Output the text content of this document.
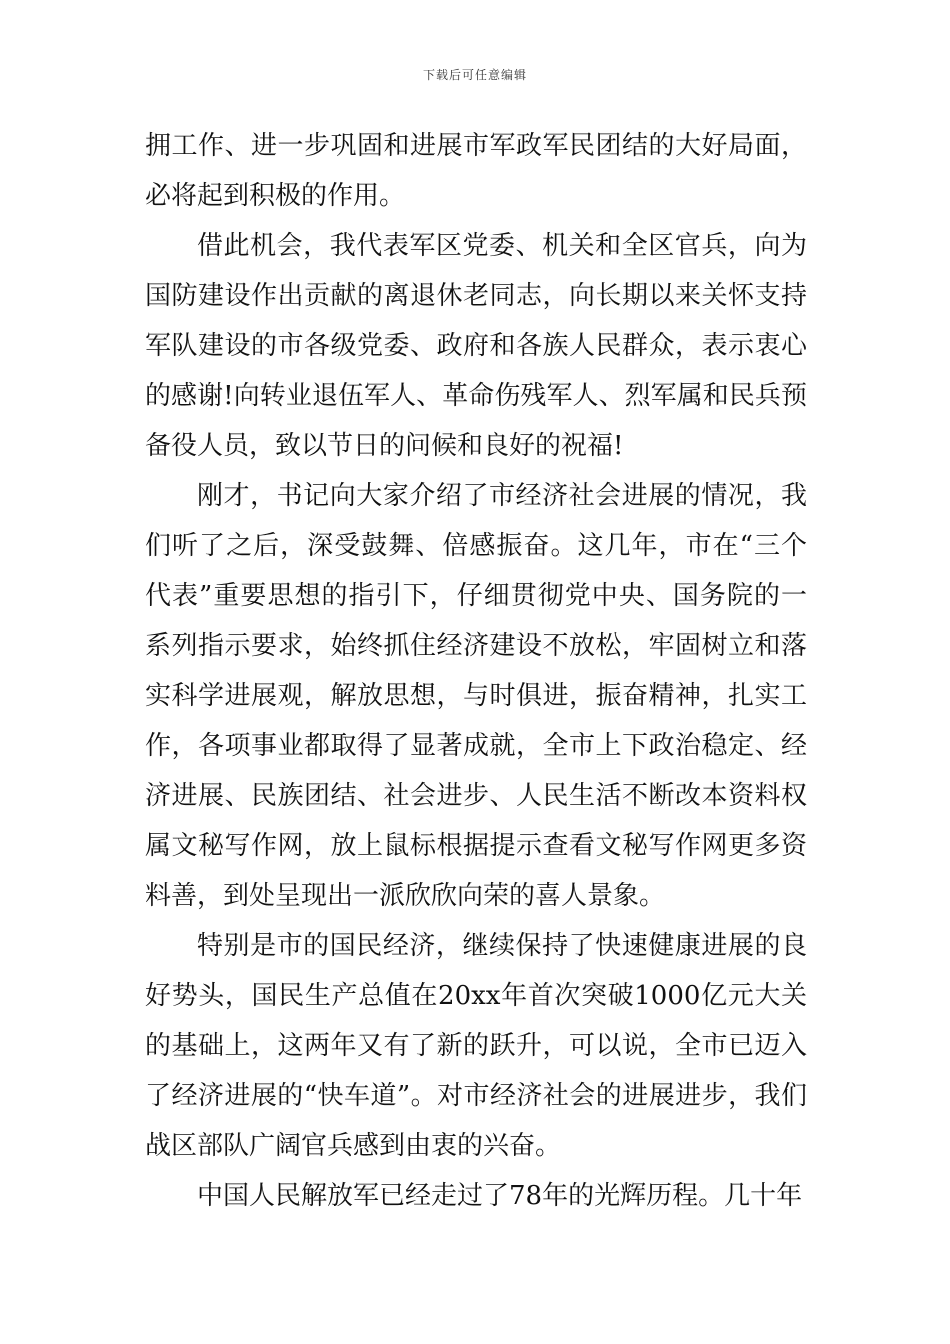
下载后可任意编辑

拥工作、进一步巩固和进展市军政军民团结的大好局面，必将起到积极的作用。

借此机会，我代表军区党委、机关和全区官兵，向为国防建设作出贡献的离退休老同志，向长期以来关怀支持军队建设的市各级党委、政府和各族人民群众，表示衷心的感谢!向转业退伍军人、革命伤残军人、烈军属和民兵预备役人员，致以节日的问候和良好的祝福!

刚才，书记向大家介绍了市经济社会进展的情况，我们听了之后，深受鼓舞、倍感振奋。这几年，市在“三个代表”重要思想的指引下，仔细贯彻党中央、国务院的一系列指示要求，始终抓住经济建设不放松，牢固树立和落实科学进展观，解放思想，与时俱进，振奋精神，扎实工作，各项事业都取得了显著成就，全市上下政治稳定、经济进展、民族团结、社会进步、人民生活不断改本资料权属文秘写作网，放上鼠标根据提示查看文秘写作网更多资料善，到处呈现出一派欣欣向荣的喜人景象。

特别是市的国民经济，继续保持了快速健康进展的良好势头，国民生产总值在20xx年首次突破1000亿元大关的基础上，这两年又有了新的跃升，可以说，全市已迈入了经济进展的“快车道”。对市经济社会的进展进步，我们战区部队广阔官兵感到由衷的兴奋。

中国人民解放军已经走过了78年的光辉历程。几十年
